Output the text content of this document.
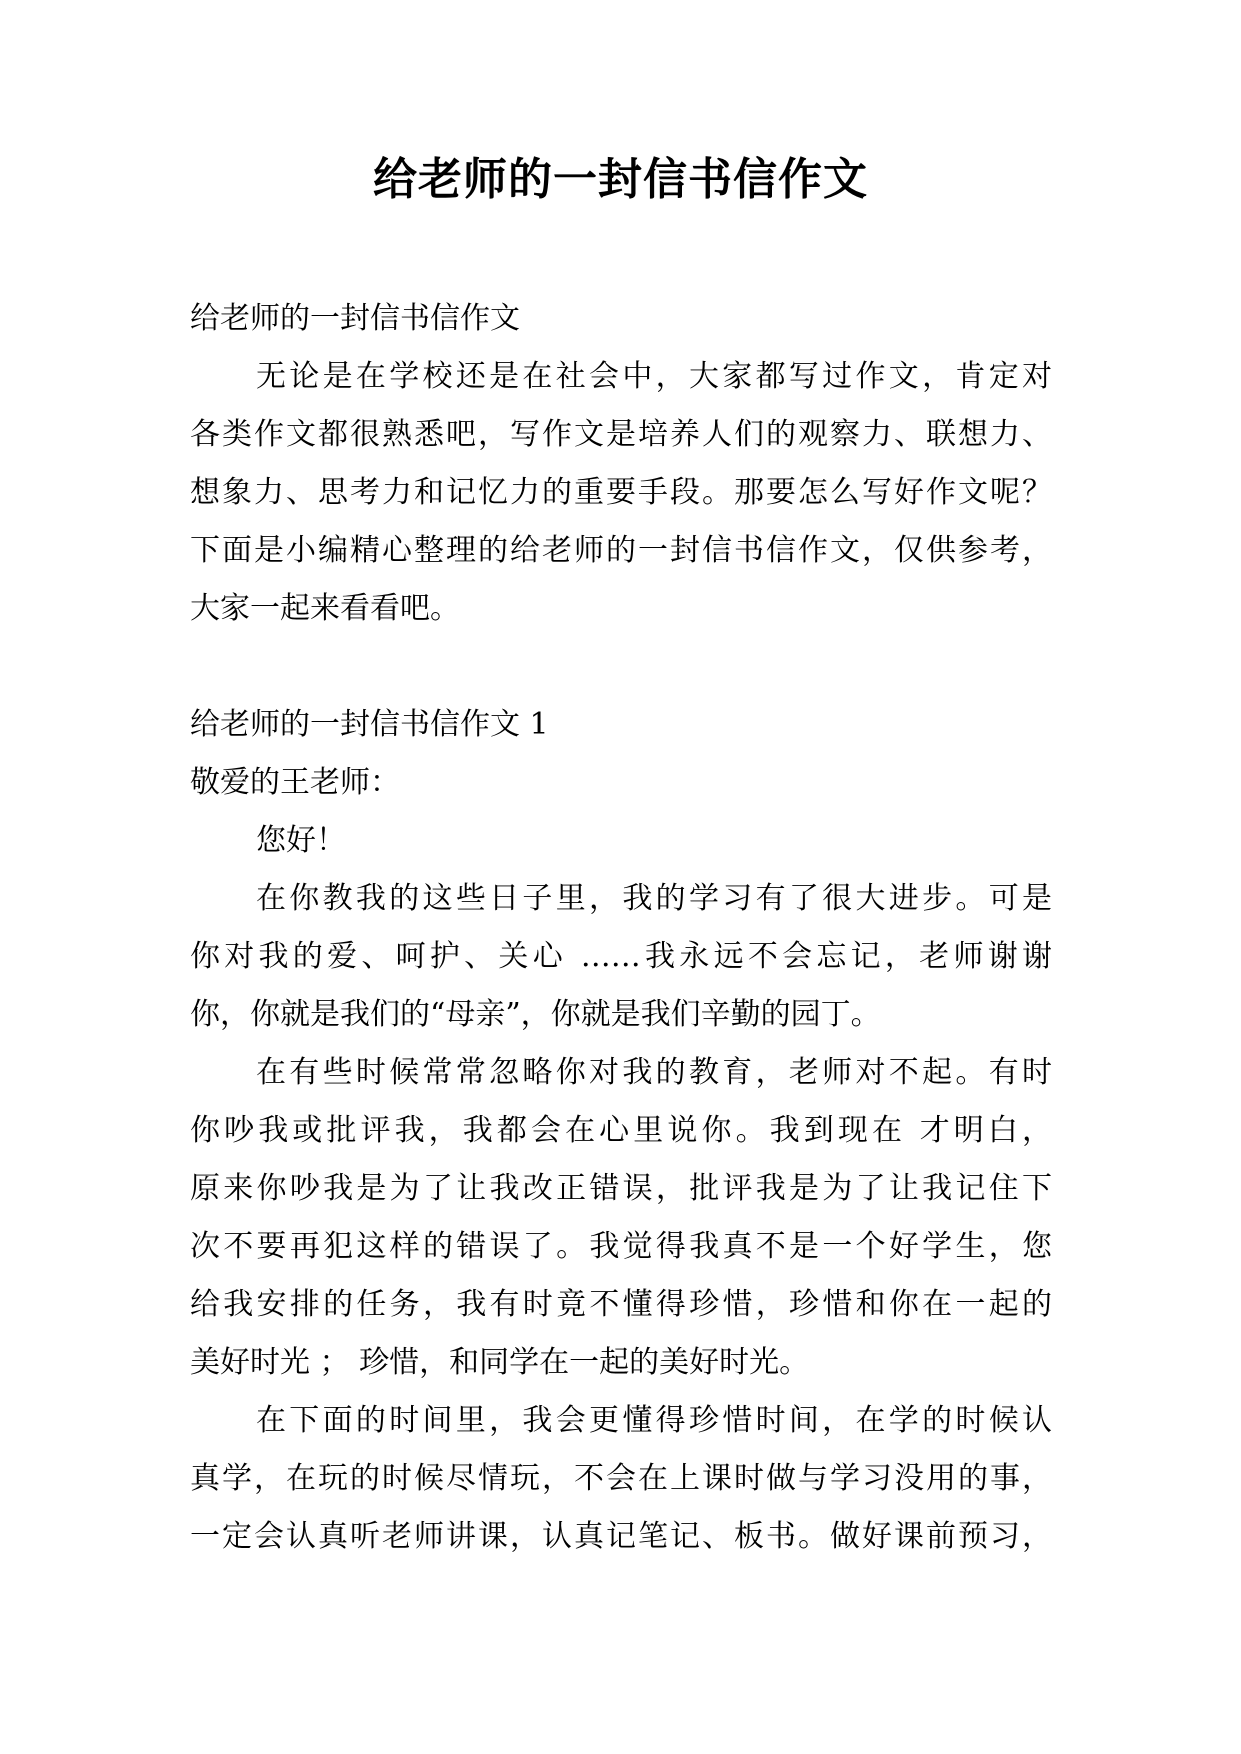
给老师的一封信书信作文
给老师的一封信书信作文
无论是在学校还是在社会中，大家都写过作文，肯定对
各类作文都很熟悉吧，写作文是培养人们的观察力、联想力、
想象力、思考力和记忆力的重要手段。那要怎么写好作文呢？
下面是小编精心整理的给老师的一封信书信作文，仅供参考，
大家一起来看看吧。
给老师的一封信书信作文 1
敬爱的王老师：
您好！
在你教我的这些日子里，我的学习有了很大进步。可是
你对我的爱、呵护、关心 ……我永远不会忘记，老师谢谢
你，你就是我们的“母亲”，你就是我们辛勤的园丁。
在有些时候常常忽略你对我的教育，老师对不起。有时
你吵我或批评我，我都会在心里说你。我到现在 才明白，
原来你吵我是为了让我改正错误，批评我是为了让我记住下
次不要再犯这样的错误了。我觉得我真不是一个好学生，您
给我安排的任务，我有时竟不懂得珍惜，珍惜和你在一起的
美好时光 ； 珍惜，和同学在一起的美好时光。
在下面的时间里，我会更懂得珍惜时间，在学的时候认
真学，在玩的时候尽情玩，不会在上课时做与学习没用的事，
一定会认真听老师讲课，认真记笔记、板书。做好课前预习，
